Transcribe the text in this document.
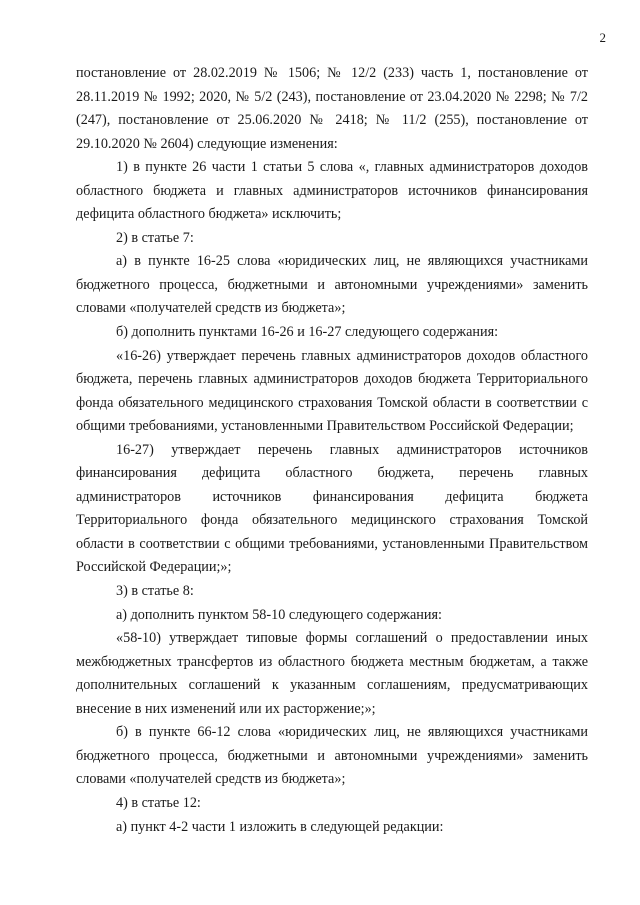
2

постановление от 28.02.2019 № 1506; № 12/2 (233) часть 1, постановление от 28.11.2019 № 1992; 2020, № 5/2 (243), постановление от 23.04.2020 № 2298; № 7/2 (247), постановление от 25.06.2020 № 2418; № 11/2 (255), постановление от 29.10.2020 № 2604) следующие изменения:

1) в пункте 26 части 1 статьи 5 слова «, главных администраторов доходов областного бюджета и главных администраторов источников финансирования дефицита областного бюджета» исключить;

2) в статье 7:

а) в пункте 16-25 слова «юридических лиц, не являющихся участниками бюджетного процесса, бюджетными и автономными учреждениями» заменить словами «получателей средств из бюджета»;

б) дополнить пунктами 16-26 и 16-27 следующего содержания:

«16-26) утверждает перечень главных администраторов доходов областного бюджета, перечень главных администраторов доходов бюджета Территориального фонда обязательного медицинского страхования Томской области в соответствии с общими требованиями, установленными Правительством Российской Федерации;

16-27) утверждает перечень главных администраторов источников финансирования дефицита областного бюджета, перечень главных администраторов источников финансирования дефицита бюджета Территориального фонда обязательного медицинского страхования Томской области в соответствии с общими требованиями, установленными Правительством Российской Федерации;»;

3) в статье 8:

а) дополнить пунктом 58-10 следующего содержания:

«58-10) утверждает типовые формы соглашений о предоставлении иных межбюджетных трансфертов из областного бюджета местным бюджетам, а также дополнительных соглашений к указанным соглашениям, предусматривающих внесение в них изменений или их расторжение;»;

б) в пункте 66-12 слова «юридических лиц, не являющихся участниками бюджетного процесса, бюджетными и автономными учреждениями» заменить словами «получателей средств из бюджета»;

4) в статье 12:

а) пункт 4-2 части 1 изложить в следующей редакции:
